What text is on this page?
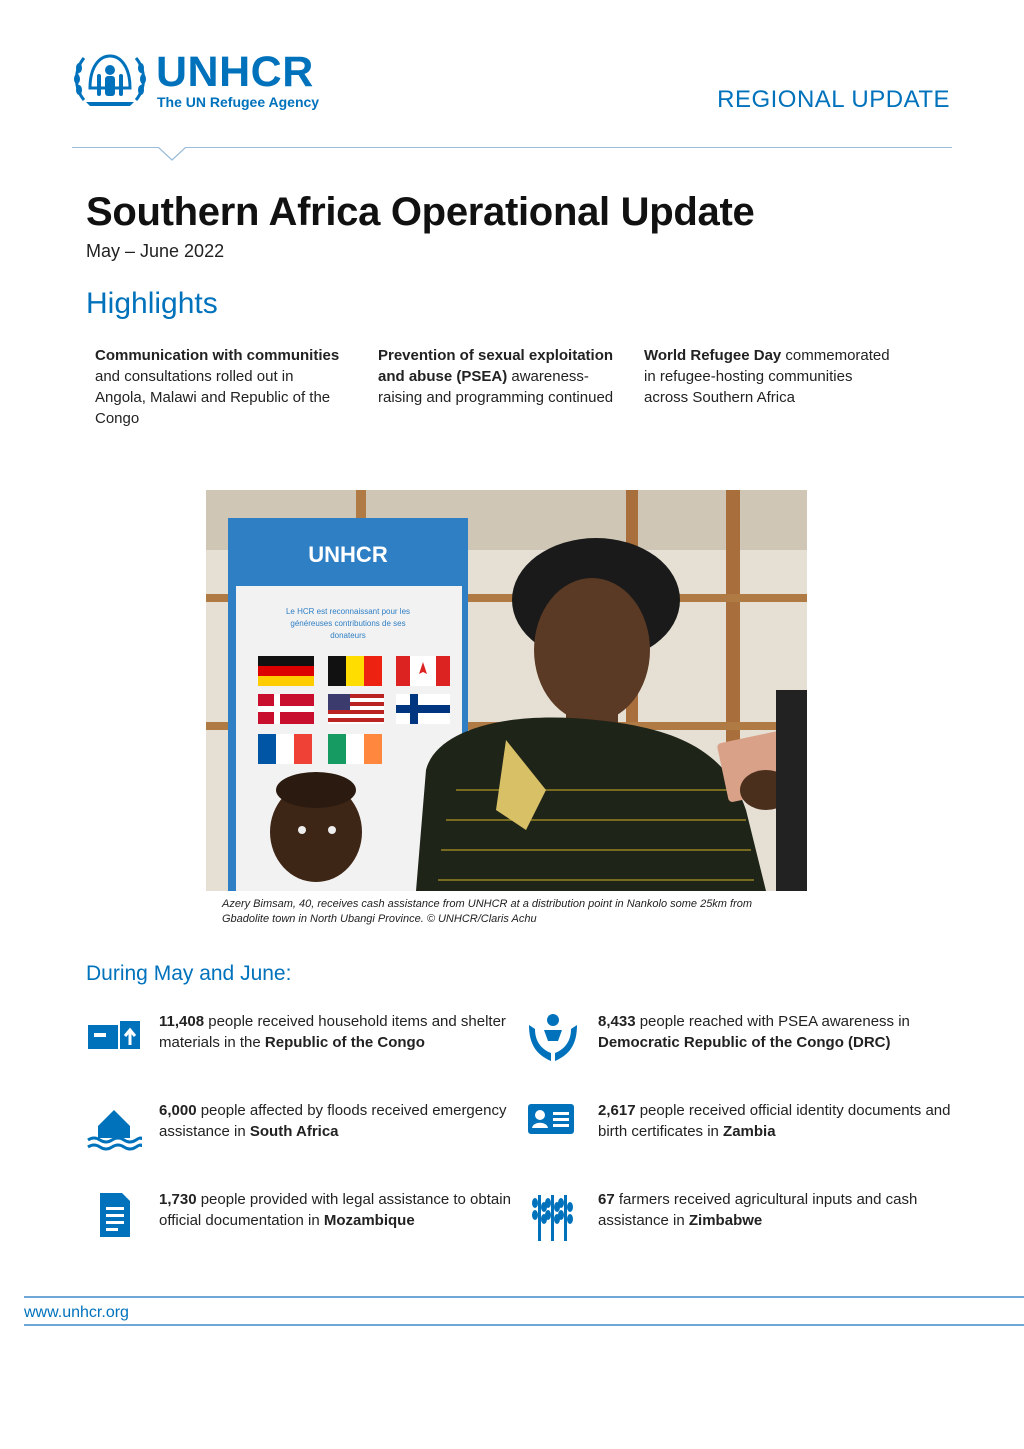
UNHCR
The UN Refugee Agency	REGIONAL UPDATE
Southern Africa Operational Update
May – June 2022
Highlights
Communication with communities and consultations rolled out in Angola, Malawi and Republic of the Congo
Prevention of sexual exploitation and abuse (PSEA) awareness-raising and programming continued
World Refugee Day commemorated in refugee-hosting communities across Southern Africa
UNHCR
Le HCR est reconnaissant pour les
généreuses contributions de ses
donateurs
Azery Bimsam, 40, receives cash assistance from UNHCR at a distribution point in Nankolo some 25km from Gbadolite town in North Ubangi Province. © UNHCR/Claris Achu
During May and June:
11,408 people received household items and shelter materials in the Republic of the Congo
8,433 people reached with PSEA awareness in Democratic Republic of the Congo (DRC)
6,000 people affected by floods received emergency assistance in South Africa
2,617 people received official identity documents and birth certificates in Zambia
1,730 people provided with legal assistance to obtain official documentation in Mozambique
67 farmers received agricultural inputs and cash assistance in Zimbabwe
www.unhcr.org
